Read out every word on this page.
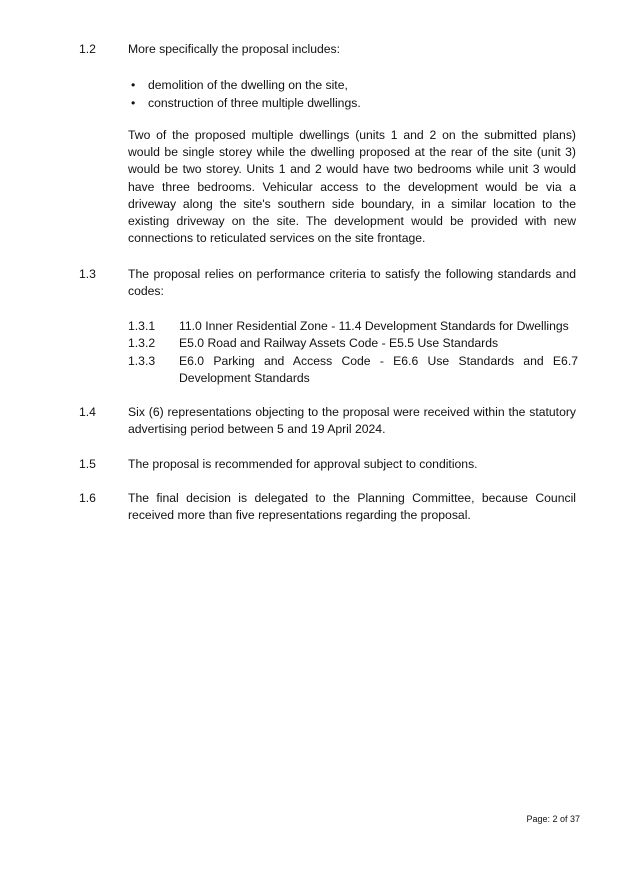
1.2	More specifically the proposal includes:
• demolition of the dwelling on the site,
• construction of three multiple dwellings.
Two of the proposed multiple dwellings (units 1 and 2 on the submitted plans) would be single storey while the dwelling proposed at the rear of the site (unit 3) would be two storey. Units 1 and 2 would have two bedrooms while unit 3 would have three bedrooms. Vehicular access to the development would be via a driveway along the site's southern side boundary, in a similar location to the existing driveway on the site. The development would be provided with new connections to reticulated services on the site frontage.
1.3	The proposal relies on performance criteria to satisfy the following standards and codes:
1.3.1 11.0 Inner Residential Zone - 11.4 Development Standards for Dwellings
1.3.2 E5.0 Road and Railway Assets Code - E5.5 Use Standards
1.3.3 E6.0 Parking and Access Code - E6.6 Use Standards and E6.7 Development Standards
1.4	Six (6) representations objecting to the proposal were received within the statutory advertising period between 5 and 19 April 2024.
1.5	The proposal is recommended for approval subject to conditions.
1.6	The final decision is delegated to the Planning Committee, because Council received more than five representations regarding the proposal.
Page: 2 of 37
